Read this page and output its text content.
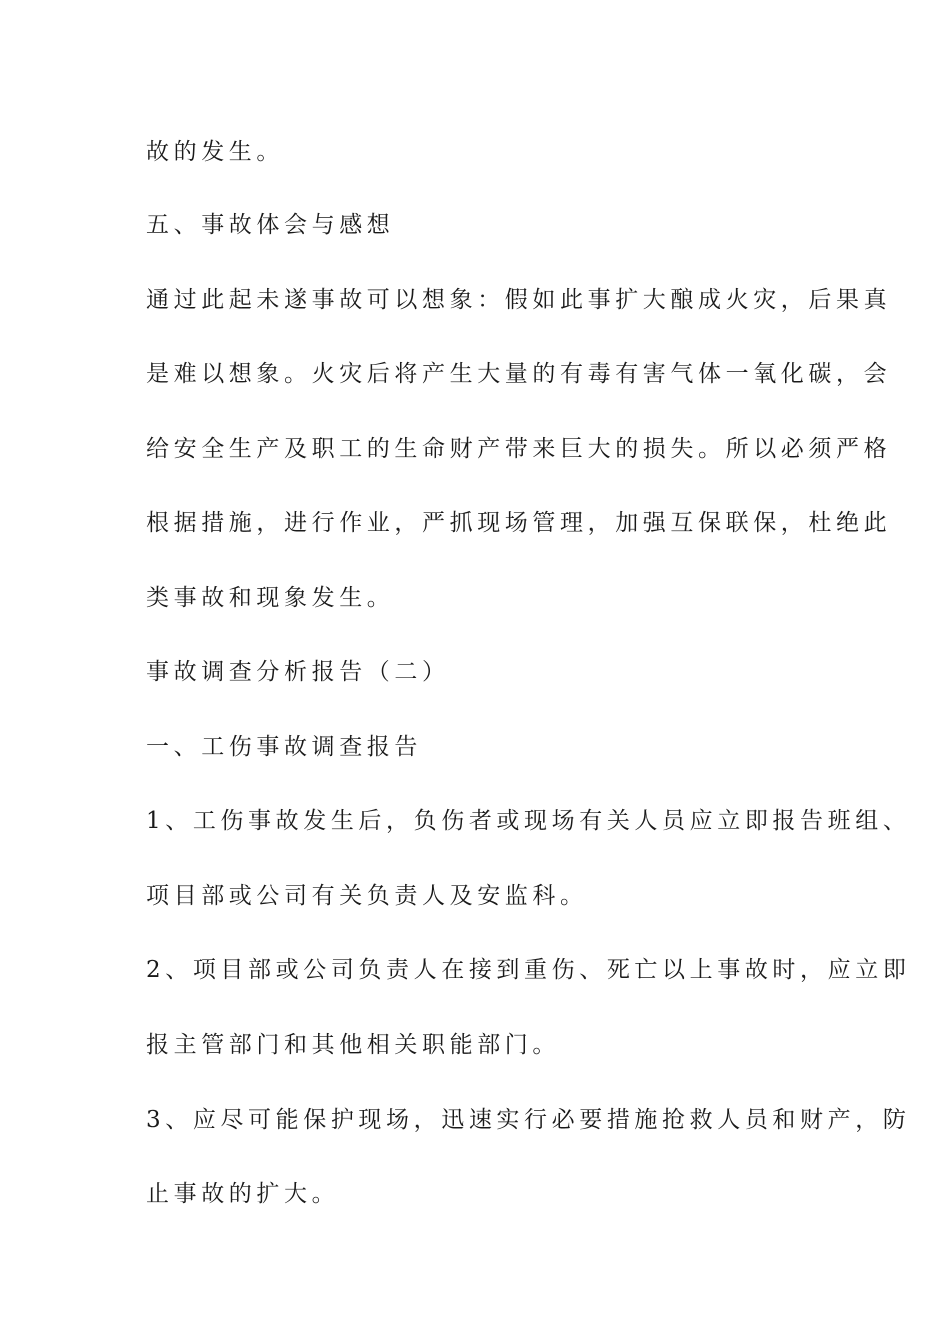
故的发生。
五、事故体会与感想
通过此起未遂事故可以想象：假如此事扩大酿成火灾，后果真
是难以想象。火灾后将产生大量的有毒有害气体一氧化碳，会
给安全生产及职工的生命财产带来巨大的损失。所以必须严格
根据措施，进行作业，严抓现场管理，加强互保联保，杜绝此
类事故和现象发生。
事故调查分析报告（二）
一、工伤事故调查报告
1、工伤事故发生后，负伤者或现场有关人员应立即报告班组、
项目部或公司有关负责人及安监科。
2、项目部或公司负责人在接到重伤、死亡以上事故时，应立即
报主管部门和其他相关职能部门。
3、应尽可能保护现场，迅速实行必要措施抢救人员和财产，防
止事故的扩大。
